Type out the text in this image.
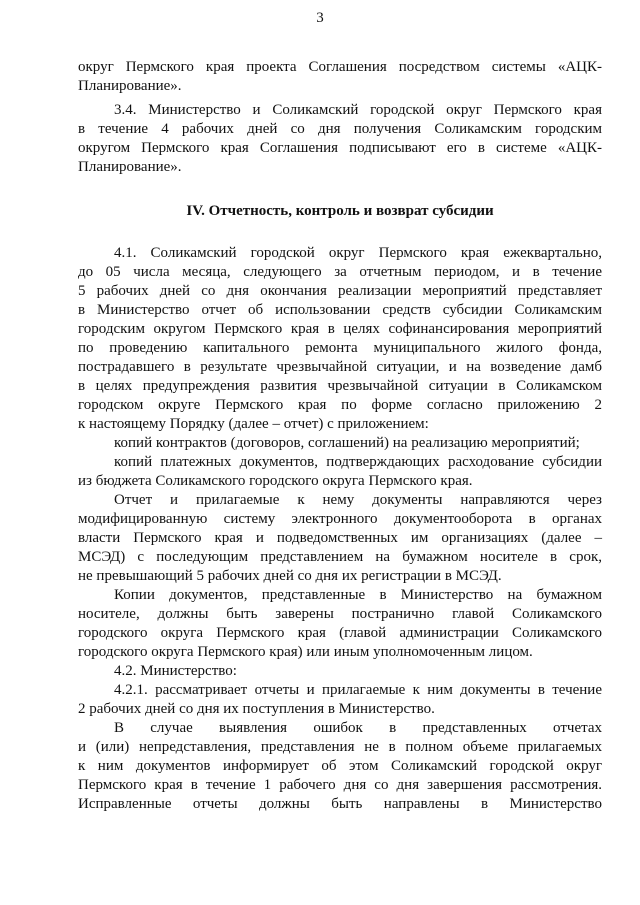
3
округ Пермского края проекта Соглашения посредством системы «АЦК-
Планирование».
3.4. Министерство и Соликамский городской округ Пермского края
в течение 4 рабочих дней со дня получения Соликамским городским
округом Пермского края Соглашения подписывают его в системе «АЦК-
Планирование».
IV. Отчетность, контроль и возврат субсидии
4.1. Соликамский городской округ Пермского края ежеквартально,
до 05 числа месяца, следующего за отчетным периодом, и в течение
5 рабочих дней со дня окончания реализации мероприятий представляет
в Министерство отчет об использовании средств субсидии Соликамским
городским округом Пермского края в целях софинансирования мероприятий
по проведению капитального ремонта муниципального жилого фонда,
пострадавшего в результате чрезвычайной ситуации, и на возведение дамб
в целях предупреждения развития чрезвычайной ситуации в Соликамском
городском округе Пермского края по форме согласно приложению 2
к настоящему Порядку (далее – отчет) с приложением:
копий контрактов (договоров, соглашений) на реализацию мероприятий;
копий платежных документов, подтверждающих расходование субсидии
из бюджета Соликамского городского округа Пермского края.
Отчет и прилагаемые к нему документы направляются через
модифицированную систему электронного документооборота в органах
власти Пермского края и подведомственных им организациях (далее –
МСЭД) с последующим представлением на бумажном носителе в срок,
не превышающий 5 рабочих дней со дня их регистрации в МСЭД.
Копии документов, представленные в Министерство на бумажном
носителе, должны быть заверены постранично главой Соликамского
городского округа Пермского края (главой администрации Соликамского
городского округа Пермского края) или иным уполномоченным лицом.
4.2. Министерство:
4.2.1. рассматривает отчеты и прилагаемые к ним документы в течение
2 рабочих дней со дня их поступления в Министерство.
В случае выявления ошибок в представленных отчетах
и (или) непредставления, представления не в полном объеме прилагаемых
к ним документов информирует об этом Соликамский городской округ
Пермского края в течение 1 рабочего дня со дня завершения рассмотрения.
Исправленные отчеты должны быть направлены в Министерство
